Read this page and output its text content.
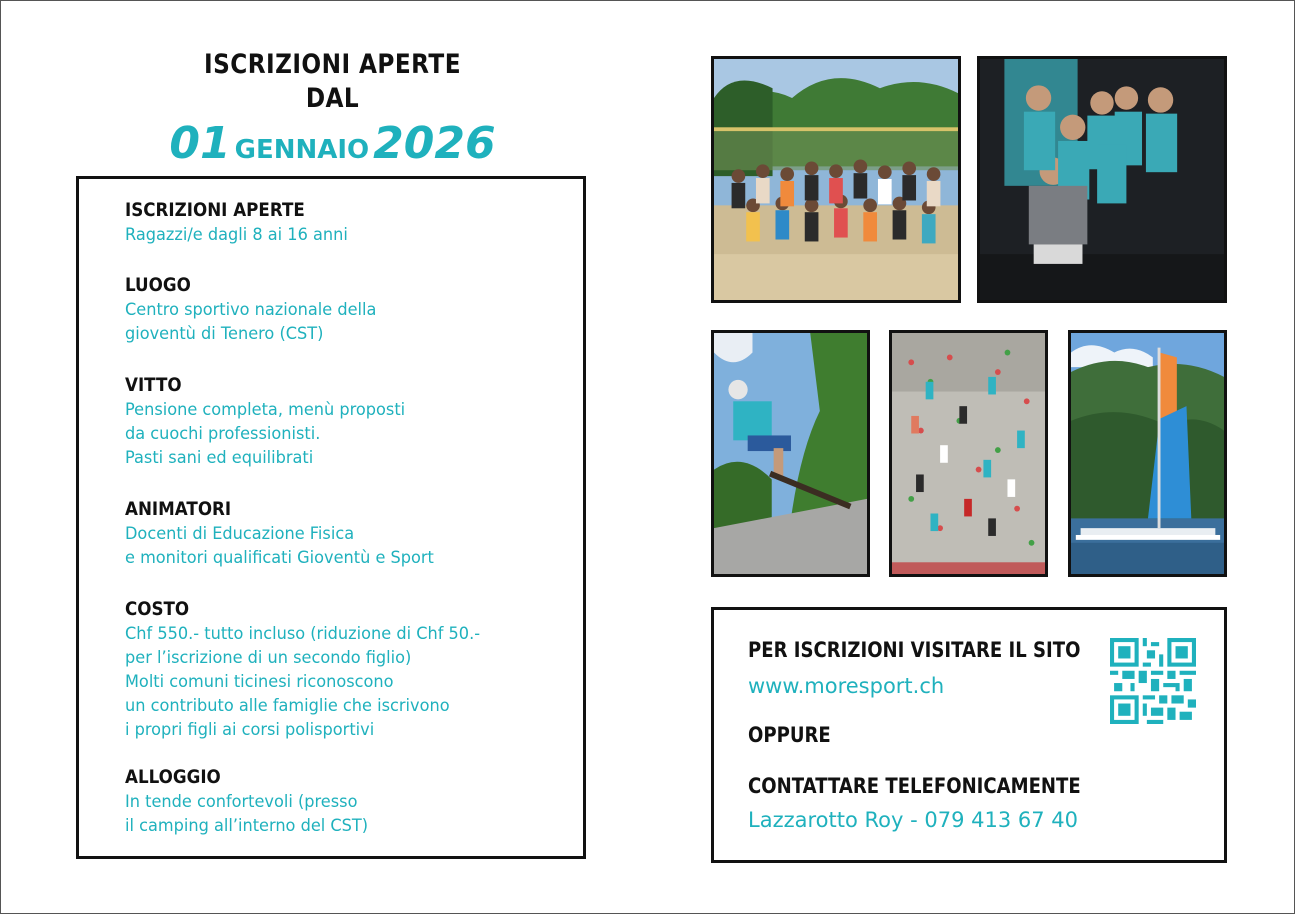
ISCRIZIONI APERTE DAL
01 GENNAIO2026
ISCRIZIONI APERTE
Ragazzi/e dagli 8 ai 16 anni
LUOGO
Centro sportivo nazionale della
gioventù di Tenero (CST)
VITTO
Pensione completa, menù proposti
da cuochi professionisti.
Pasti sani ed equilibrati
ANIMATORI
Docenti di Educazione Fisica
e monitori qualificati Gioventù e Sport
COSTO
Chf 550.- tutto incluso (riduzione di Chf 50.-
per l’iscrizione di un secondo figlio)
Molti comuni ticinesi riconoscono
un contributo alle famiglie che iscrivono
i propri figli ai corsi polisportivi
ALLOGGIO
In tende confortevoli (presso
il camping all’interno del CST)
PER ISCRIZIONI VISITARE IL SITO
www.moresport.ch
OPPURE
CONTATTARE TELEFONICAMENTE
Lazzarotto Roy - 079 413 67 40
